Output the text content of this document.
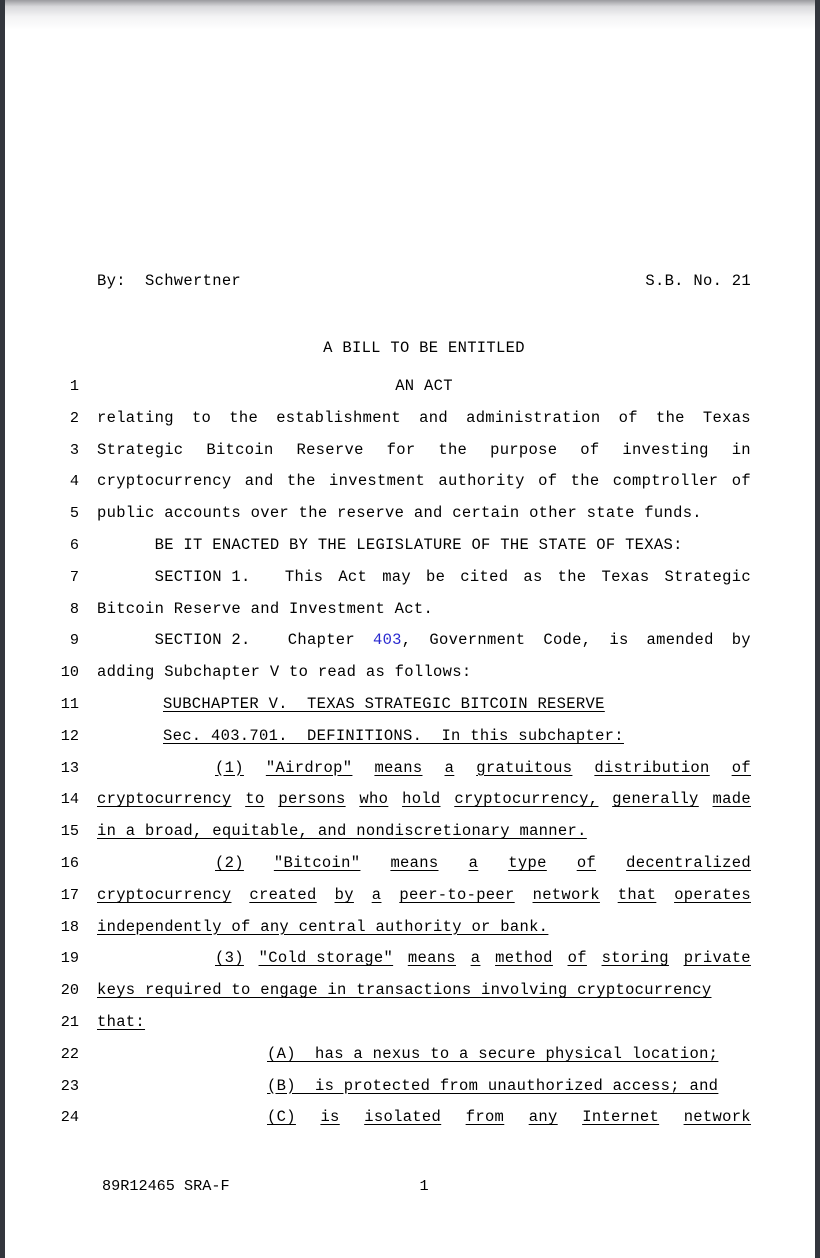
By:  Schwertner	S.B. No. 21
A BILL TO BE ENTITLED
1	AN ACT
2 relating to the establishment and administration of the Texas
3 Strategic Bitcoin Reserve for the purpose of investing in
4 cryptocurrency and the investment authority of the comptroller of
5 public accounts over the reserve and certain other state funds.
6 BE IT ENACTED BY THE LEGISLATURE OF THE STATE OF TEXAS:
7 SECTION 1. This Act may be cited as the Texas Strategic
8 Bitcoin Reserve and Investment Act.
9 SECTION 2. Chapter 403, Government Code, is amended by
10 adding Subchapter V to read as follows:
11	SUBCHAPTER V.  TEXAS STRATEGIC BITCOIN RESERVE
12	Sec. 403.701.  DEFINITIONS.  In this subchapter:
13	(1) "Airdrop" means a gratuitous distribution of
14 cryptocurrency to persons who hold cryptocurrency, generally made
15 in a broad, equitable, and nondiscretionary manner.
16	(2) "Bitcoin" means a type of decentralized
17 cryptocurrency created by a peer-to-peer network that operates
18 independently of any central authority or bank.
19	(3) "Cold storage" means a method of storing private
20 keys required to engage in transactions involving cryptocurrency
21 that:
22	(A)  has a nexus to a secure physical location;
23	(B)  is protected from unauthorized access; and
24	(C) is isolated from any Internet network
89R12465 SRA-F	1
